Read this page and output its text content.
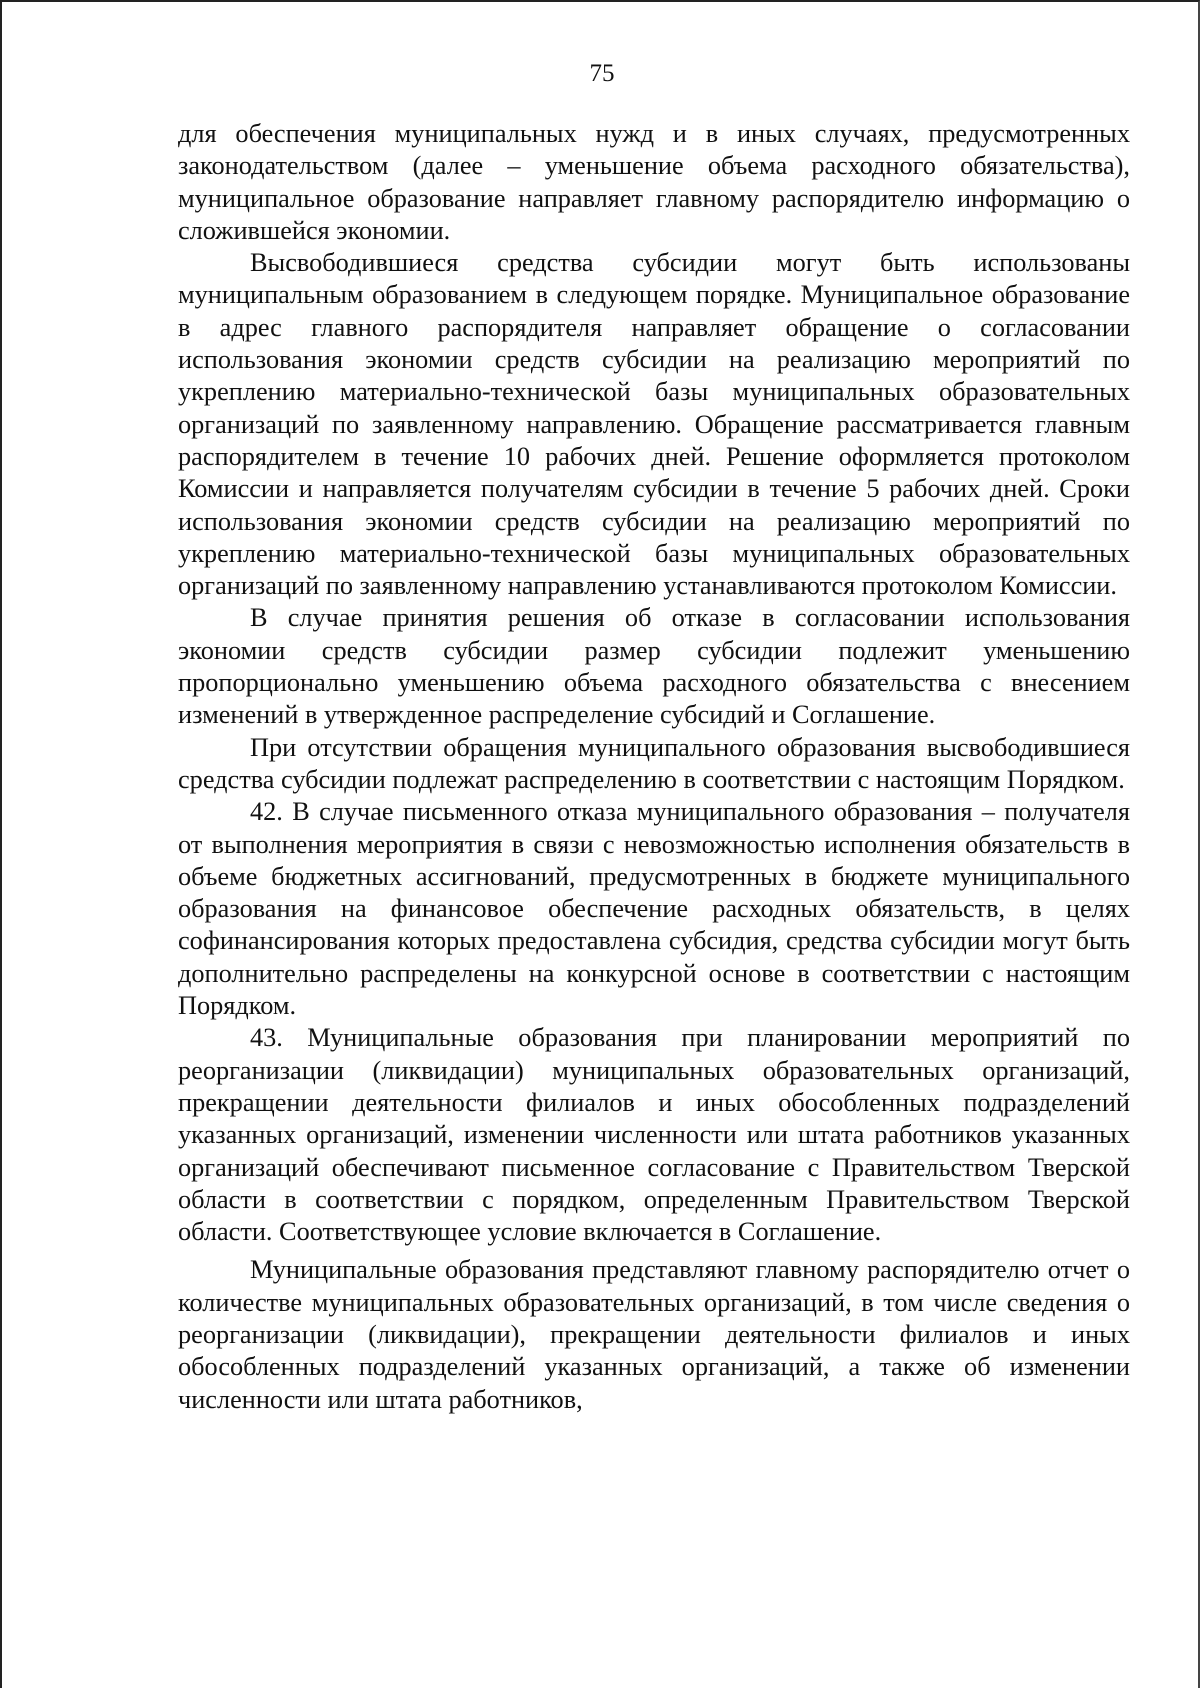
75

для обеспечения муниципальных нужд и в иных случаях, предусмотренных законодательством (далее – уменьшение объема расходного обязательства), муниципальное образование направляет главному распорядителю информацию о сложившейся экономии.

Высвободившиеся средства субсидии могут быть использованы муниципальным образованием в следующем порядке. Муниципальное образование в адрес главного распорядителя направляет обращение о согласовании использования экономии средств субсидии на реализацию мероприятий по укреплению материально-технической базы муниципальных образовательных организаций по заявленному направлению. Обращение рассматривается главным распорядителем в течение 10 рабочих дней. Решение оформляется протоколом Комиссии и направляется получателям субсидии в течение 5 рабочих дней. Сроки использования экономии средств субсидии на реализацию мероприятий по укреплению материально-технической базы муниципальных образовательных организаций по заявленному направлению устанавливаются протоколом Комиссии.

В случае принятия решения об отказе в согласовании использования экономии средств субсидии размер субсидии подлежит уменьшению пропорционально уменьшению объема расходного обязательства с внесением изменений в утвержденное распределение субсидий и Соглашение.

При отсутствии обращения муниципального образования высвободившиеся средства субсидии подлежат распределению в соответствии с настоящим Порядком.

42. В случае письменного отказа муниципального образования – получателя от выполнения мероприятия в связи с невозможностью исполнения обязательств в объеме бюджетных ассигнований, предусмотренных в бюджете муниципального образования на финансовое обеспечение расходных обязательств, в целях софинансирования которых предоставлена субсидия, средства субсидии могут быть дополнительно распределены на конкурсной основе в соответствии с настоящим Порядком.

43. Муниципальные образования при планировании мероприятий по реорганизации (ликвидации) муниципальных образовательных организаций, прекращении деятельности филиалов и иных обособленных подразделений указанных организаций, изменении численности или штата работников указанных организаций обеспечивают письменное согласование с Правительством Тверской области в соответствии с порядком, определенным Правительством Тверской области. Соответствующее условие включается в Соглашение.

Муниципальные образования представляют главному распорядителю отчет о количестве муниципальных образовательных организаций, в том числе сведения о реорганизации (ликвидации), прекращении деятельности филиалов и иных обособленных подразделений указанных организаций, а также об изменении численности или штата работников,
